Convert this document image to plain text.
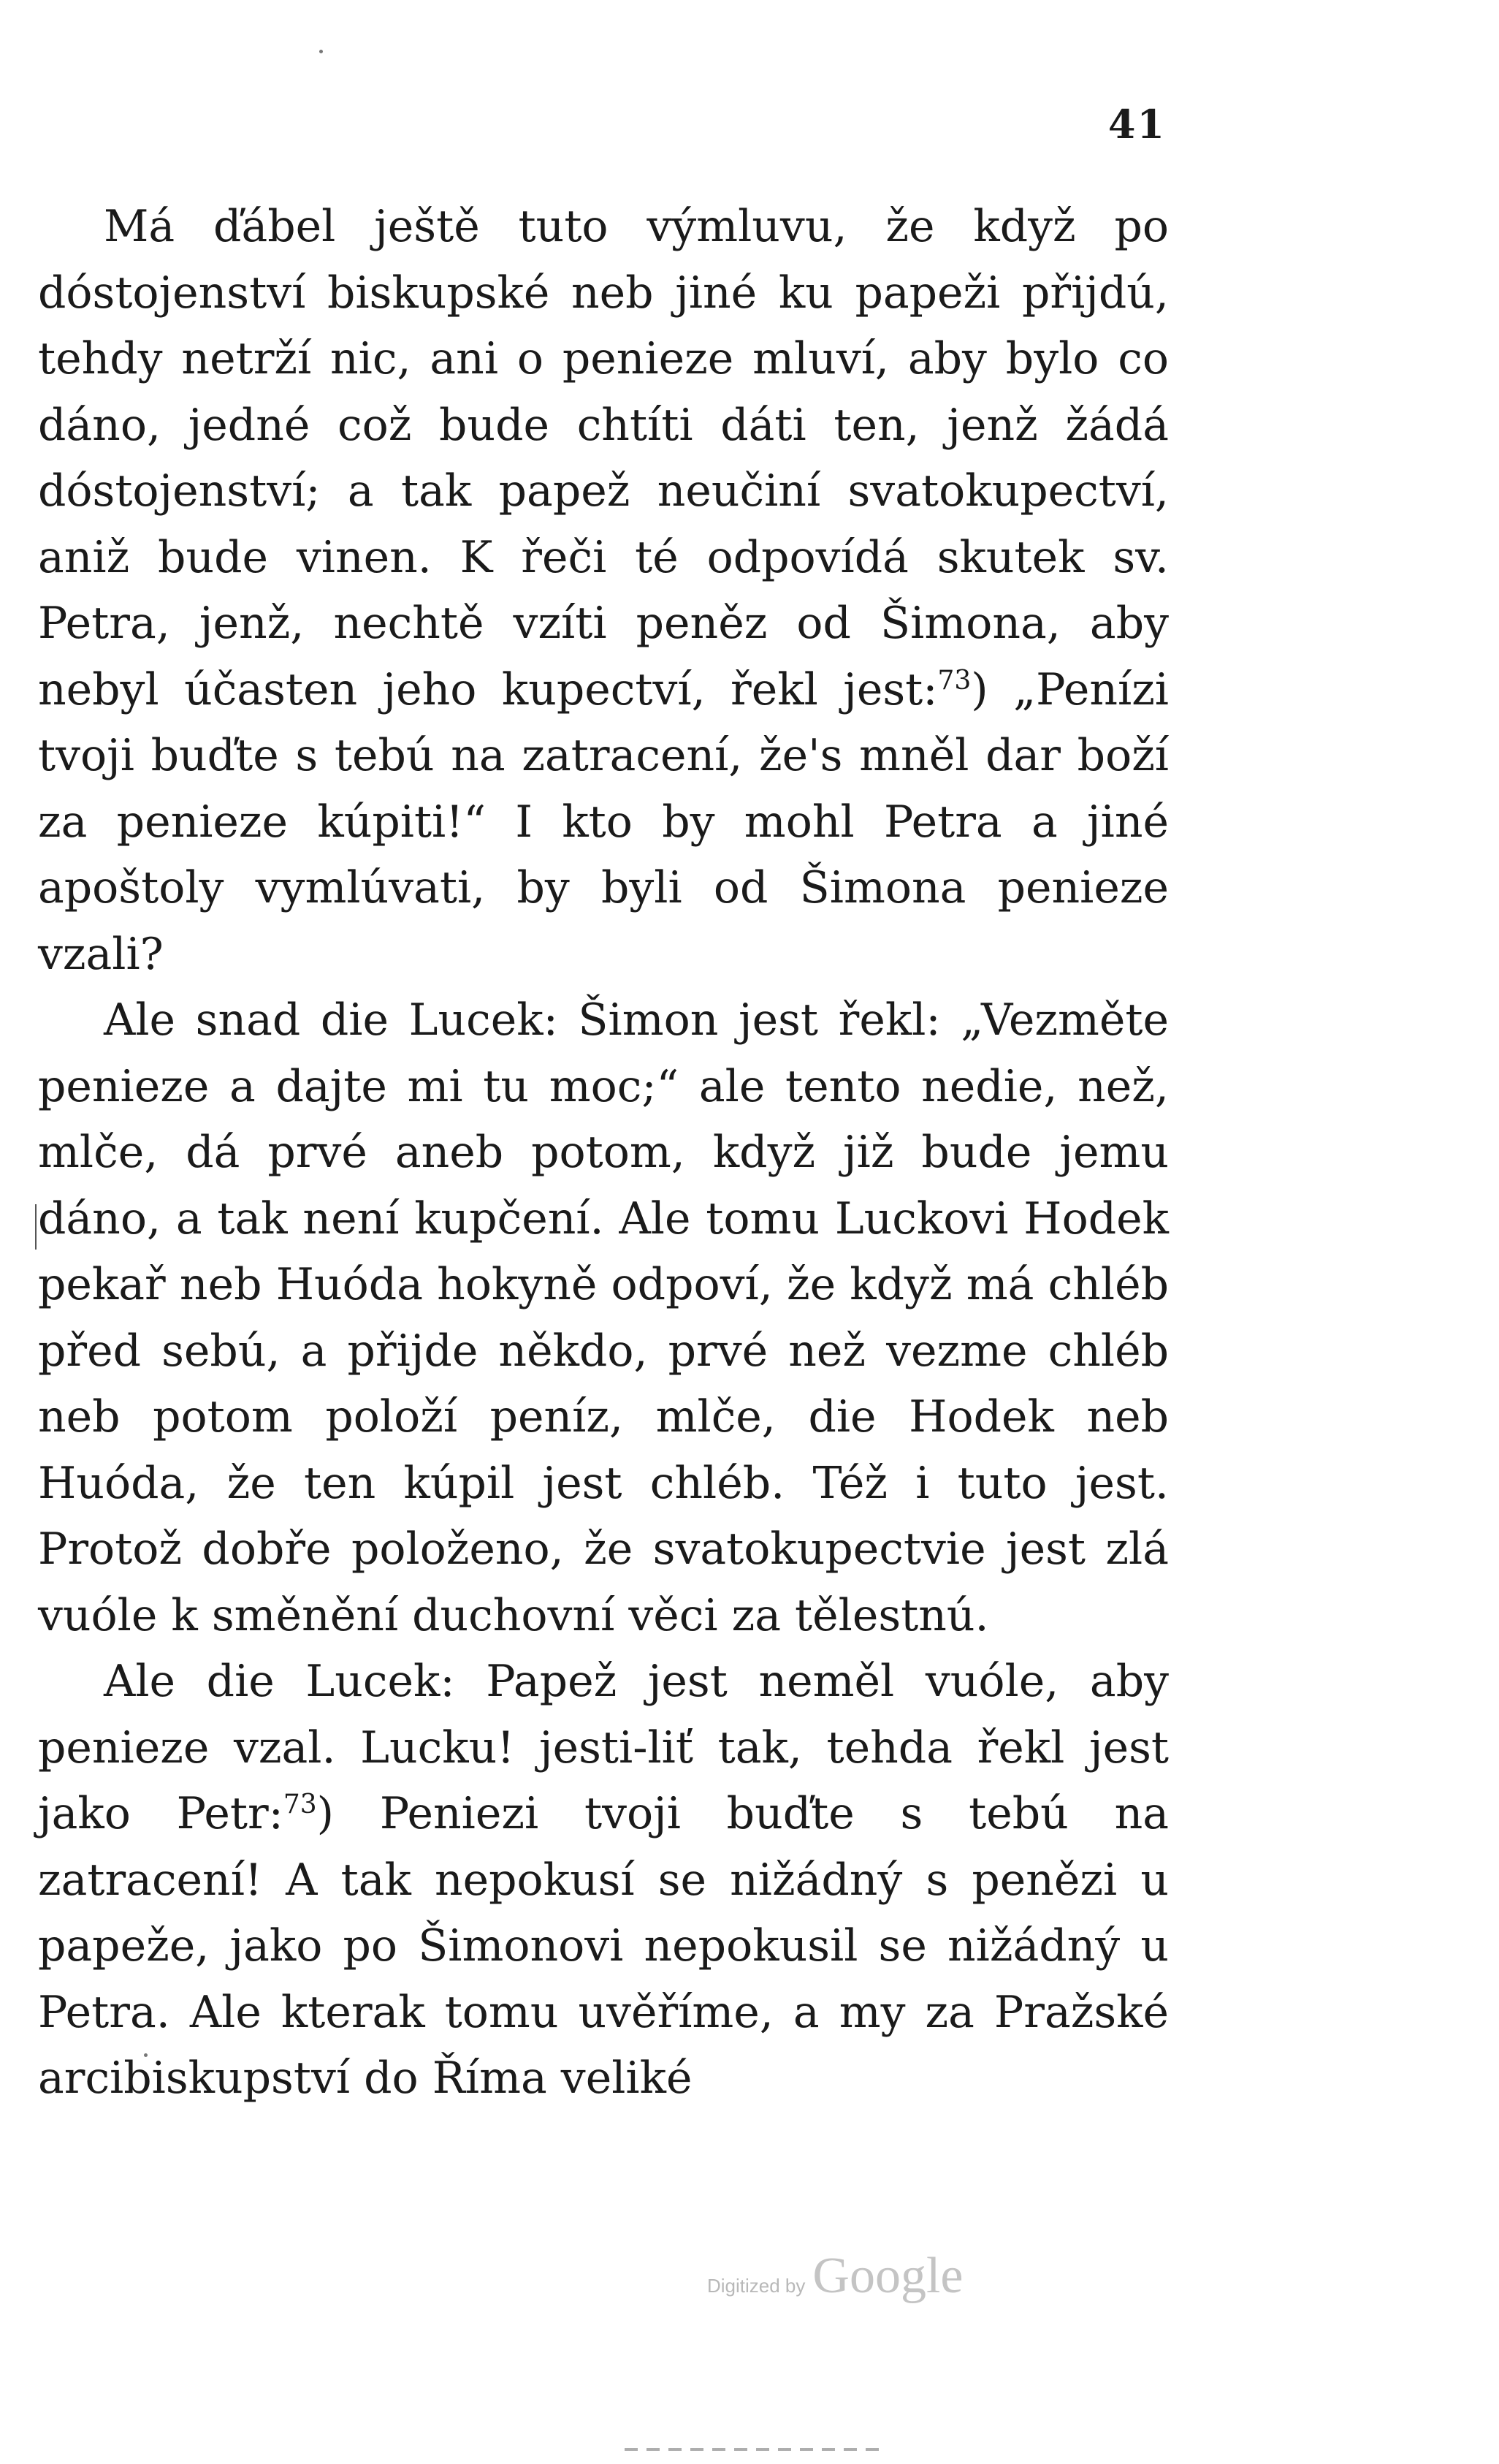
41

Má ďábel ještě tuto výmluvu, že když po dóstojenství biskupské neb jiné ku papeži přijdú, tehdy netrží nic, ani o penieze mluví, aby bylo co dáno, jedné což bude chtíti dáti ten, jenž žádá dóstojenství; a tak papež neučiní svatokupectví, aniž bude vinen. K řeči té odpovídá skutek sv. Petra, jenž, nechtě vzíti peněz od Šimona, aby nebyl účasten jeho kupectví, řekl jest:$^{73}$) „Penízi tvoji buďte s tebú na zatracení, že's mněl dar boží za penieze kúpiti!“ I kto by mohl Petra a jiné apoštoly vymlúvati, by byli od Šimona penieze vzali?

Ale snad die Lucek: Šimon jest řekl: „Vezměte penieze a dajte mi tu moc;“ ale tento nedie, než, mlče, dá prvé aneb potom, když již bude jemu dáno, a tak není kupčení. Ale tomu Luckovi Hodek pekař neb Huóda hokyně odpoví, že když má chléb před sebú, a přijde někdo, prvé než vezme chléb neb potom položí peníz, mlče, die Hodek neb Huóda, že ten kúpil jest chléb. Též i tuto jest. Protož dobře položeno, že svatokupectvie jest zlá vuóle k směnění duchovní věci za tělestnú.

Ale die Lucek: Papež jest neměl vuóle, aby penieze vzal. Lucku! jesti-liť tak, tehda řekl jest jako Petr:$^{73}$) Peniezi tvoji buďte s tebú na zatracení! A tak nepokusí se nižádný s penězi u papeže, jako po Šimonovi nepokusil se nižádný u Petra. Ale kterak tomu uvěříme, a my za Pražské arcibiskupství do Říma veliké

Digitized by Google
